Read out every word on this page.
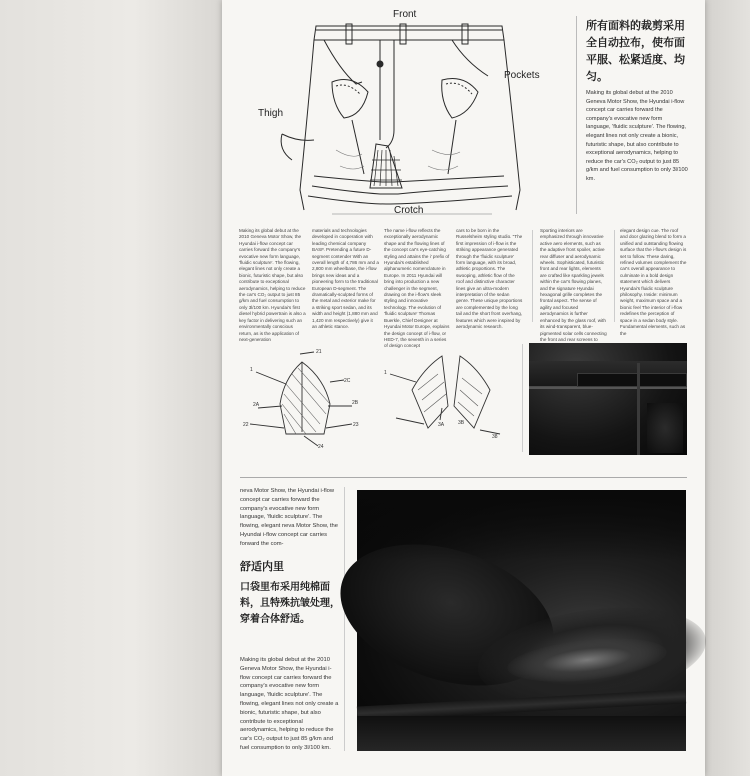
Front
Pockets
Thigh
Crotch
所有面料的裁剪采用全自动拉布，使布面平服、松紧适度、均匀。
Making its global debut at the 2010 Geneva Motor Show, the Hyundai i-flow concept car carries forward the company's evocative new form language, 'fluidic sculpture'. The flowing, elegant lines not only create a bionic, futuristic shape, but also contribute to exceptional aerodynamics, helping to reduce the car's CO₂ output to just 85 g/km and fuel consumption to only 3l/100 km.
Making its global debut at the 2010 Geneva Motor Show, the Hyundai i-flow concept car carries forward the company's evocative new form language, 'fluidic sculpture'. The flowing, elegant lines not only create a bionic, futuristic shape, but also contribute to exceptional aerodynamics, helping to reduce the car's CO₂ output to just 85 g/km and fuel consumption to only 3l/100 km. Hyundai's first diesel hybrid powertrain is also a key factor in delivering such an environmentally conscious return, as is the application of next-generation
materials and technologies developed in cooperation with leading chemical company BASF. Pretending a future D-segment contender With an overall length of 4,786 mm and a 2,800 mm wheelbase, the i-flow brings new ideas and a pioneering form to the traditional European D-segment. The dramatically-sculpted forms of the metal and exterior make for a striking sport sedan, and its width and height (1,880 mm and 1,420 mm respectively) give it an athletic stance.
The name i-flow reflects the exceptionally aerodynamic shape and the flowing lines of the concept car's eye-catching styling and attains the i' prefix of Hyundai's established alphanumeric nomenclature in Europe. In 2011 Hyundai will bring into production a new challenger in the segment, drawing on the i-flow's sleek styling and innovative technology. The evolution of 'fluidic sculpture' Thomas Buerkle, Chief Designer at Hyundai Motor Europe, explains the design concept of i-flow, or HED-7, the seventh in a series of design concept
cars to be born in the Russelsheim styling studio. "The first impression of i-flow is the striking appearance generated through the 'fluidic sculpture' form language, with its broad, athletic proportions. The swooping, athletic flow of the roof and distinctive character lines give an ultra-modern interpretation of the sedan genre. These unique proportions are complemented by the long tail and the short front overhang, features which were inspired by aerodynamic research.
Sporting interiors are emphasized through innovative active aero elements, such as the adaptive front spoiler, active rear diffuser and aerodynamic wheels. Sophisticated, futuristic front and rear lights, elements are crafted like sparkling jewels within the car's flowing planes, and the signature Hyundai hexagonal grille completes the frontal aspect. The sense of agility and focused aerodynamics is further enhanced by the glass roof, with its wind-transparent, blue-pigmented solar cells connecting the front and rear screens to
elegant design cue. The roof and door glazing blend to form a unified and outstanding flowing surface that the i-flow's design is set to follow. These daring, refined volumes complement the car's overall appearance to culminate in a bold design statement which delivers Hyundai's fluidic sculpture philosophy. Inside: minimum weight, maximum space and a bionic feel The interior of i-flow redefines the perception of space in a sedan body style. Fundamental elements, such as the
21
2C
1
2B
2A
23
22
24
1
3A	3B
38
neva Motor Show, the Hyundai i-flow concept car carries forward the company's evocative new form language, 'fluidic sculpture'. The flowing, elegant neva Motor Show, the Hyundai i-flow concept car carries forward the com-
舒适内里
口袋里布采用纯棉面料，且特殊抗皱处理，穿着合体舒适。
Making its global debut at the 2010 Geneva Motor Show, the Hyundai i-flow concept car carries forward the company's evocative new form language, 'fluidic sculpture'. The flowing, elegant lines not only create a bionic, futuristic shape, but also contribute to exceptional aerodynamics, helping to reduce the car's CO₂ output to just 85 g/km and fuel consumption to only 3l/100 km.
